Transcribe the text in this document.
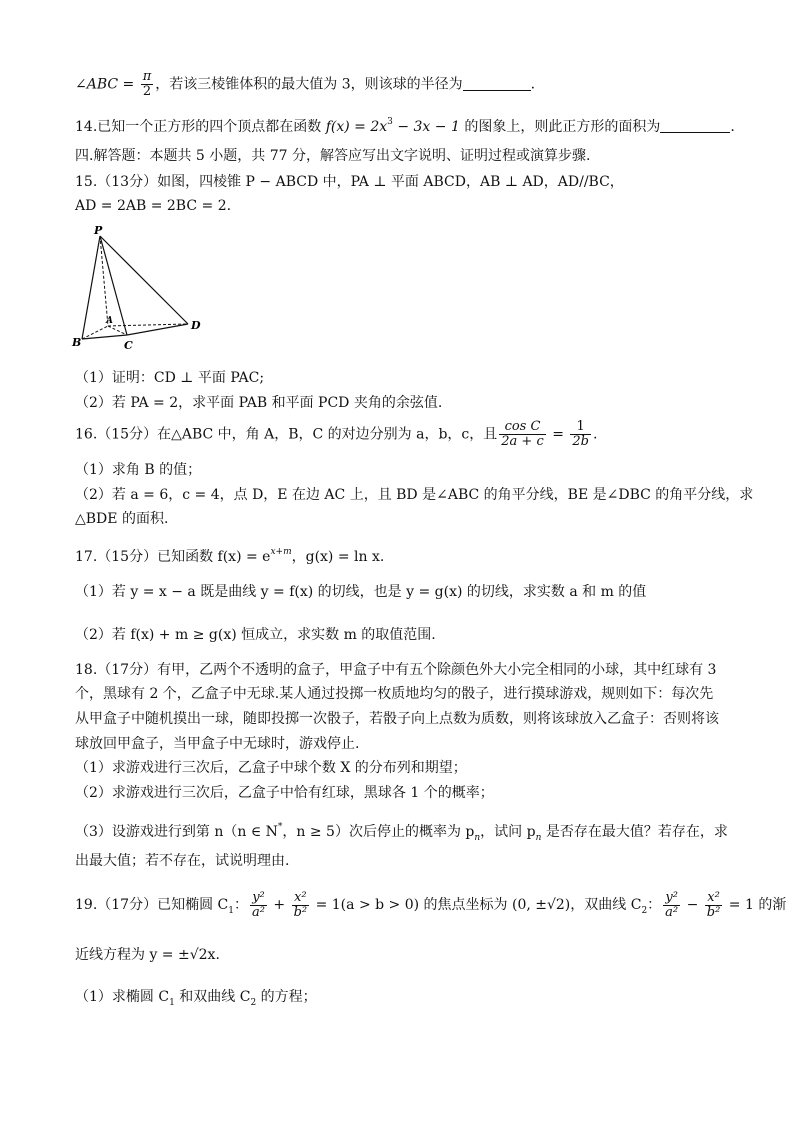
∠ABC = $\frac{\pi}{2}$ ，若该三棱锥体积的最大值为 3，则该球的半径为	.
14.已知一个正方形的四个顶点都在函数 $f(x) = 2x^3 - 3x - 1$ 的图象上，则此正方形的面积为	.
四.解答题：本题共 5 小题，共 77 分，解答应写出文字说明、证明过程或演算步骤.
15.（13分）如图，四棱锥 P − ABCD 中，PA ⊥ 平面 ABCD，AB ⊥ AD，AD//BC，
AD = 2AB = 2BC = 2.
P
A
B	C
D
（1）证明：CD ⊥ 平面 PAC;
（2）若 PA = 2，求平面 PAB 和平面 PCD 夹角的余弦值.
16.（15分）在△ABC 中，角 A，B，C 的对边分别为 a，b，c，且 $\frac{\text{cos C}}{2a + c} = \frac{1}{2b}$ .
（1）求角 B 的值；
（2）若 a = 6，c = 4，点 D，E 在边 AC 上，且 BD 是∠ABC 的角平分线，BE 是∠DBC 的角平分线，求
△BDE 的面积.
17.（15分）已知函数 $f(x) = e^{x+m}$，g(x) = ln x.
（1）若 y = x − a 既是曲线 y = f(x) 的切线，也是 y = g(x) 的切线，求实数 a 和 m 的值
（2）若 f(x) + m ≥ g(x) 恒成立，求实数 m 的取值范围.
18.（17分）有甲，乙两个不透明的盒子，甲盒子中有五个除颜色外大小完全相同的小球，其中红球有 3
个，黑球有 2 个，乙盒子中无球.某人通过投掷一枚质地均匀的骰子，进行摸球游戏，规则如下：每次先
从甲盒子中随机摸出一球，随即投掷一次骰子，若骰子向上点数为质数，则将该球放入乙盒子：否则将该
球放回甲盒子，当甲盒子中无球时，游戏停止.
（1）求游戏进行三次后，乙盒子中球个数 X 的分布列和期望；
（2）求游戏进行三次后，乙盒子中恰有红球，黑球各 1 个的概率；
（3）设游戏进行到第 n（n ∈ N*，n ≥ 5）次后停止的概率为 $p_n$，试问 $p_n$ 是否存在最大值？若存在，求
出最大值；若不存在，试说明理由.
19.（17分）已知椭圆 $C_1$： $\frac{\text{y²}}{\text{a²}} + \frac{\text{x²}}{\text{b²}} = 1(a > b > 0)$ 的焦点坐标为 (0, ±√2)，双曲线 $C_2$： $\frac{\text{y²}}{\text{a²}} - \frac{\text{x²}}{\text{b²}} = 1$ 的渐
近线方程为 y = ±√2x.
（1）求椭圆 $C_1$ 和双曲线 $C_2$ 的方程；
